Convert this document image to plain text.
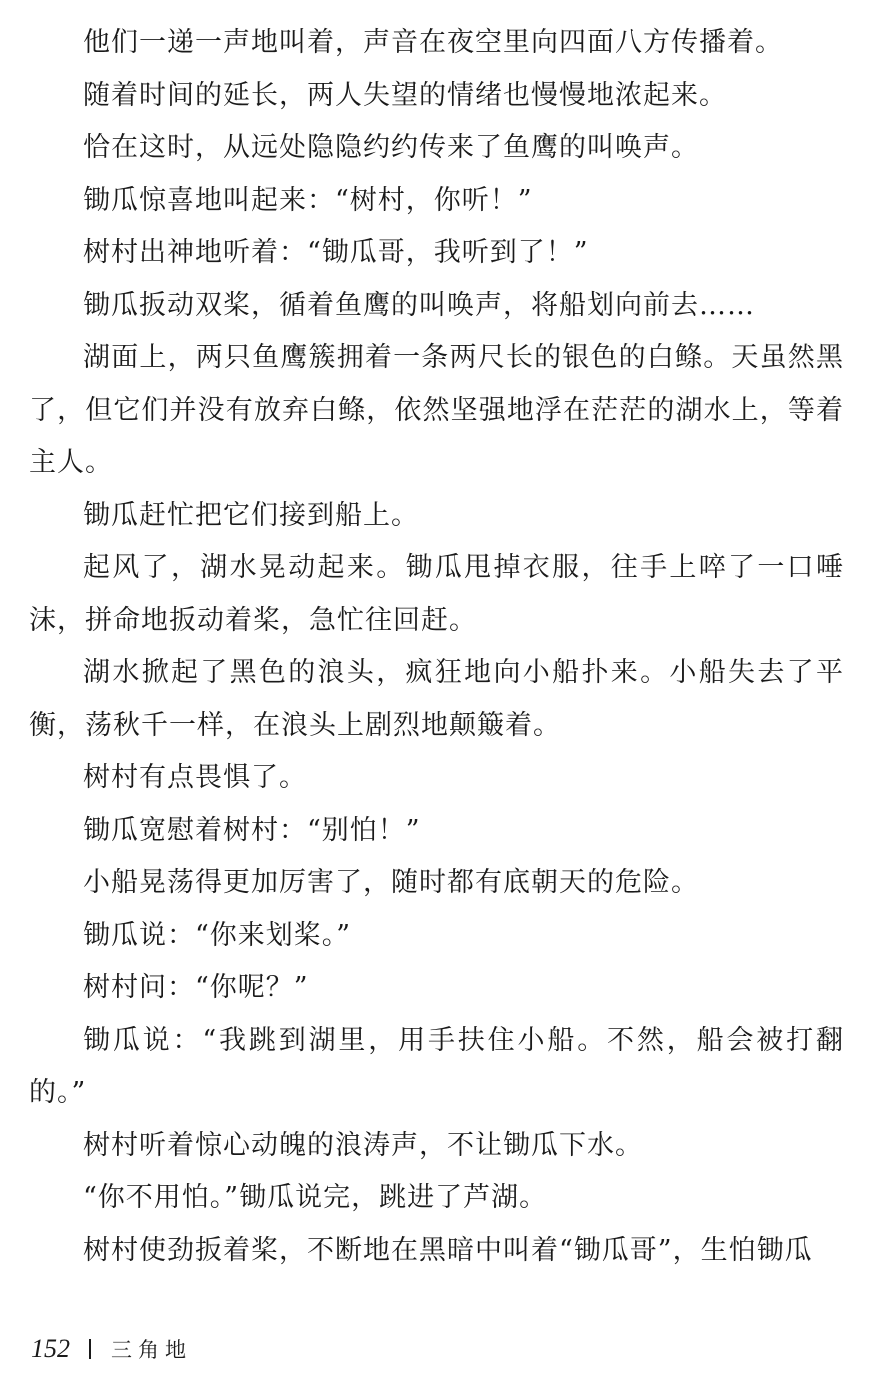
他们一递一声地叫着，声音在夜空里向四面八方传播着。

随着时间的延长，两人失望的情绪也慢慢地浓起来。

恰在这时，从远处隐隐约约传来了鱼鹰的叫唤声。

锄瓜惊喜地叫起来：“树村，你听！”

树村出神地听着：“锄瓜哥，我听到了！”

锄瓜扳动双桨，循着鱼鹰的叫唤声，将船划向前去……

湖面上，两只鱼鹰簇拥着一条两尺长的银色的白鲦。天虽然黑了，但它们并没有放弃白鲦，依然坚强地浮在茫茫的湖水上，等着主人。

锄瓜赶忙把它们接到船上。

起风了，湖水晃动起来。锄瓜甩掉衣服，往手上啐了一口唾沫，拼命地扳动着桨，急忙往回赶。

湖水掀起了黑色的浪头，疯狂地向小船扑来。小船失去了平衡，荡秋千一样，在浪头上剧烈地颠簸着。

树村有点畏惧了。

锄瓜宽慰着树村：“别怕！”

小船晃荡得更加厉害了，随时都有底朝天的危险。

锄瓜说：“你来划桨。”

树村问：“你呢？”

锄瓜说：“我跳到湖里，用手扶住小船。不然，船会被打翻的。”

树村听着惊心动魄的浪涛声，不让锄瓜下水。

“你不用怕。”锄瓜说完，跳进了芦湖。

树村使劲扳着桨，不断地在黑暗中叫着“锄瓜哥”，生怕锄瓜

152 三角地
